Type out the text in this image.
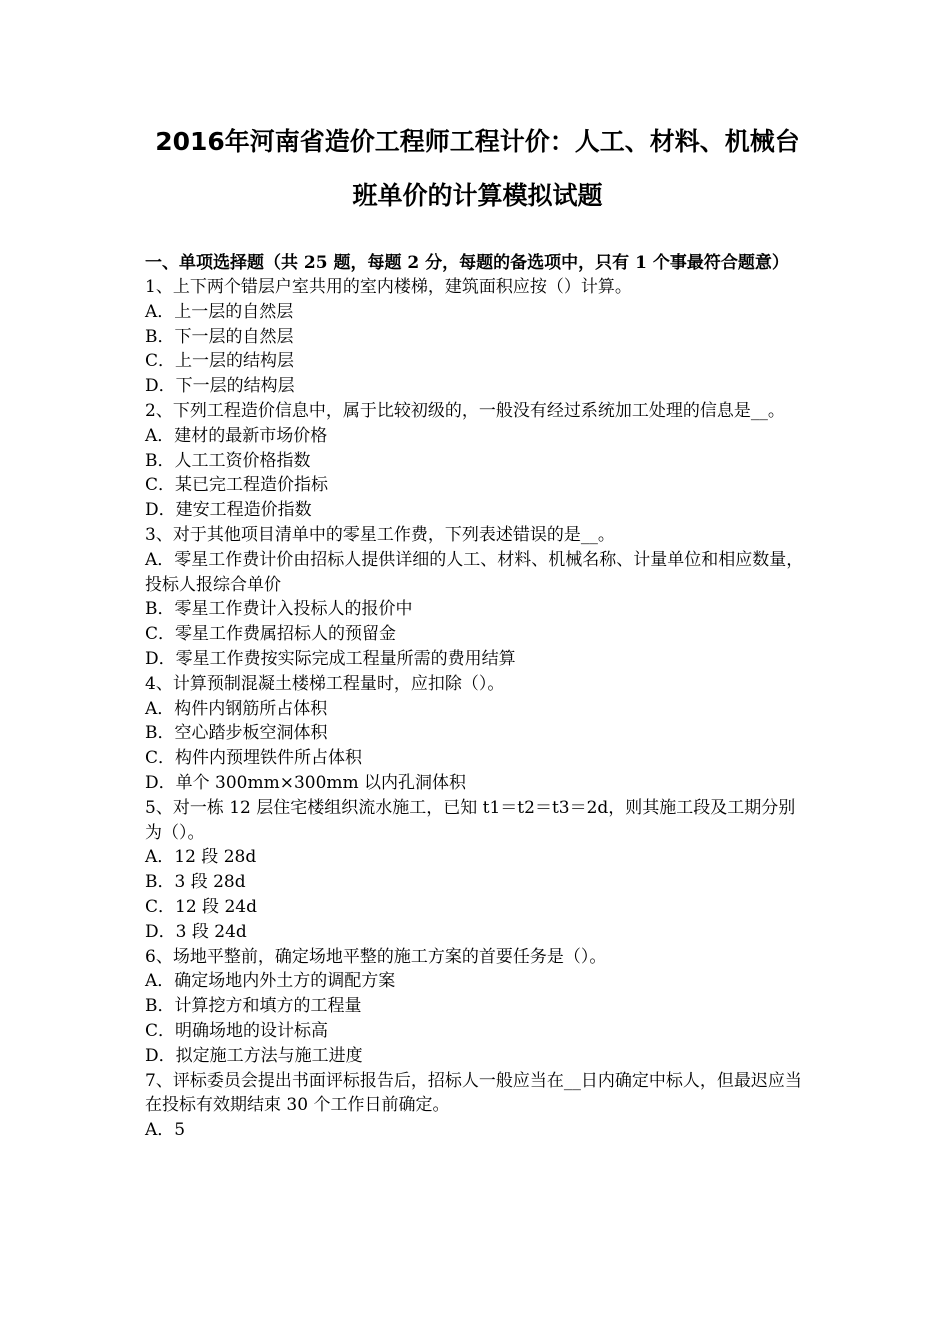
2016年河南省造价工程师工程计价：人工、材料、机械台
班单价的计算模拟试题
一、单项选择题（共 25 题，每题 2 分，每题的备选项中，只有 1 个事最符合题意）
1、上下两个错层户室共用的室内楼梯，建筑面积应按（）计算。
A．上一层的自然层
B．下一层的自然层
C．上一层的结构层
D．下一层的结构层
2、下列工程造价信息中，属于比较初级的，一般没有经过系统加工处理的信息是__。
A．建材的最新市场价格
B．人工工资价格指数
C．某已完工程造价指标
D．建安工程造价指数
3、对于其他项目清单中的零星工作费，下列表述错误的是__。
A．零星工作费计价由招标人提供详细的人工、材料、机械名称、计量单位和相应数量，投标人报综合单价
B．零星工作费计入投标人的报价中
C．零星工作费属招标人的预留金
D．零星工作费按实际完成工程量所需的费用结算
4、计算预制混凝土楼梯工程量时，应扣除（）。
A．构件内钢筋所占体积
B．空心踏步板空洞体积
C．构件内预埋铁件所占体积
D．单个 300mm×300mm 以内孔洞体积
5、对一栋 12 层住宅楼组织流水施工，已知 t1＝t2＝t3＝2d，则其施工段及工期分别为（）。
A．12 段 28d
B．3 段 28d
C．12 段 24d
D．3 段 24d
6、场地平整前，确定场地平整的施工方案的首要任务是（）。
A．确定场地内外土方的调配方案
B．计算挖方和填方的工程量
C．明确场地的设计标高
D．拟定施工方法与施工进度
7、评标委员会提出书面评标报告后，招标人一般应当在__日内确定中标人，但最迟应当在投标有效期结束 30 个工作日前确定。
A．5
